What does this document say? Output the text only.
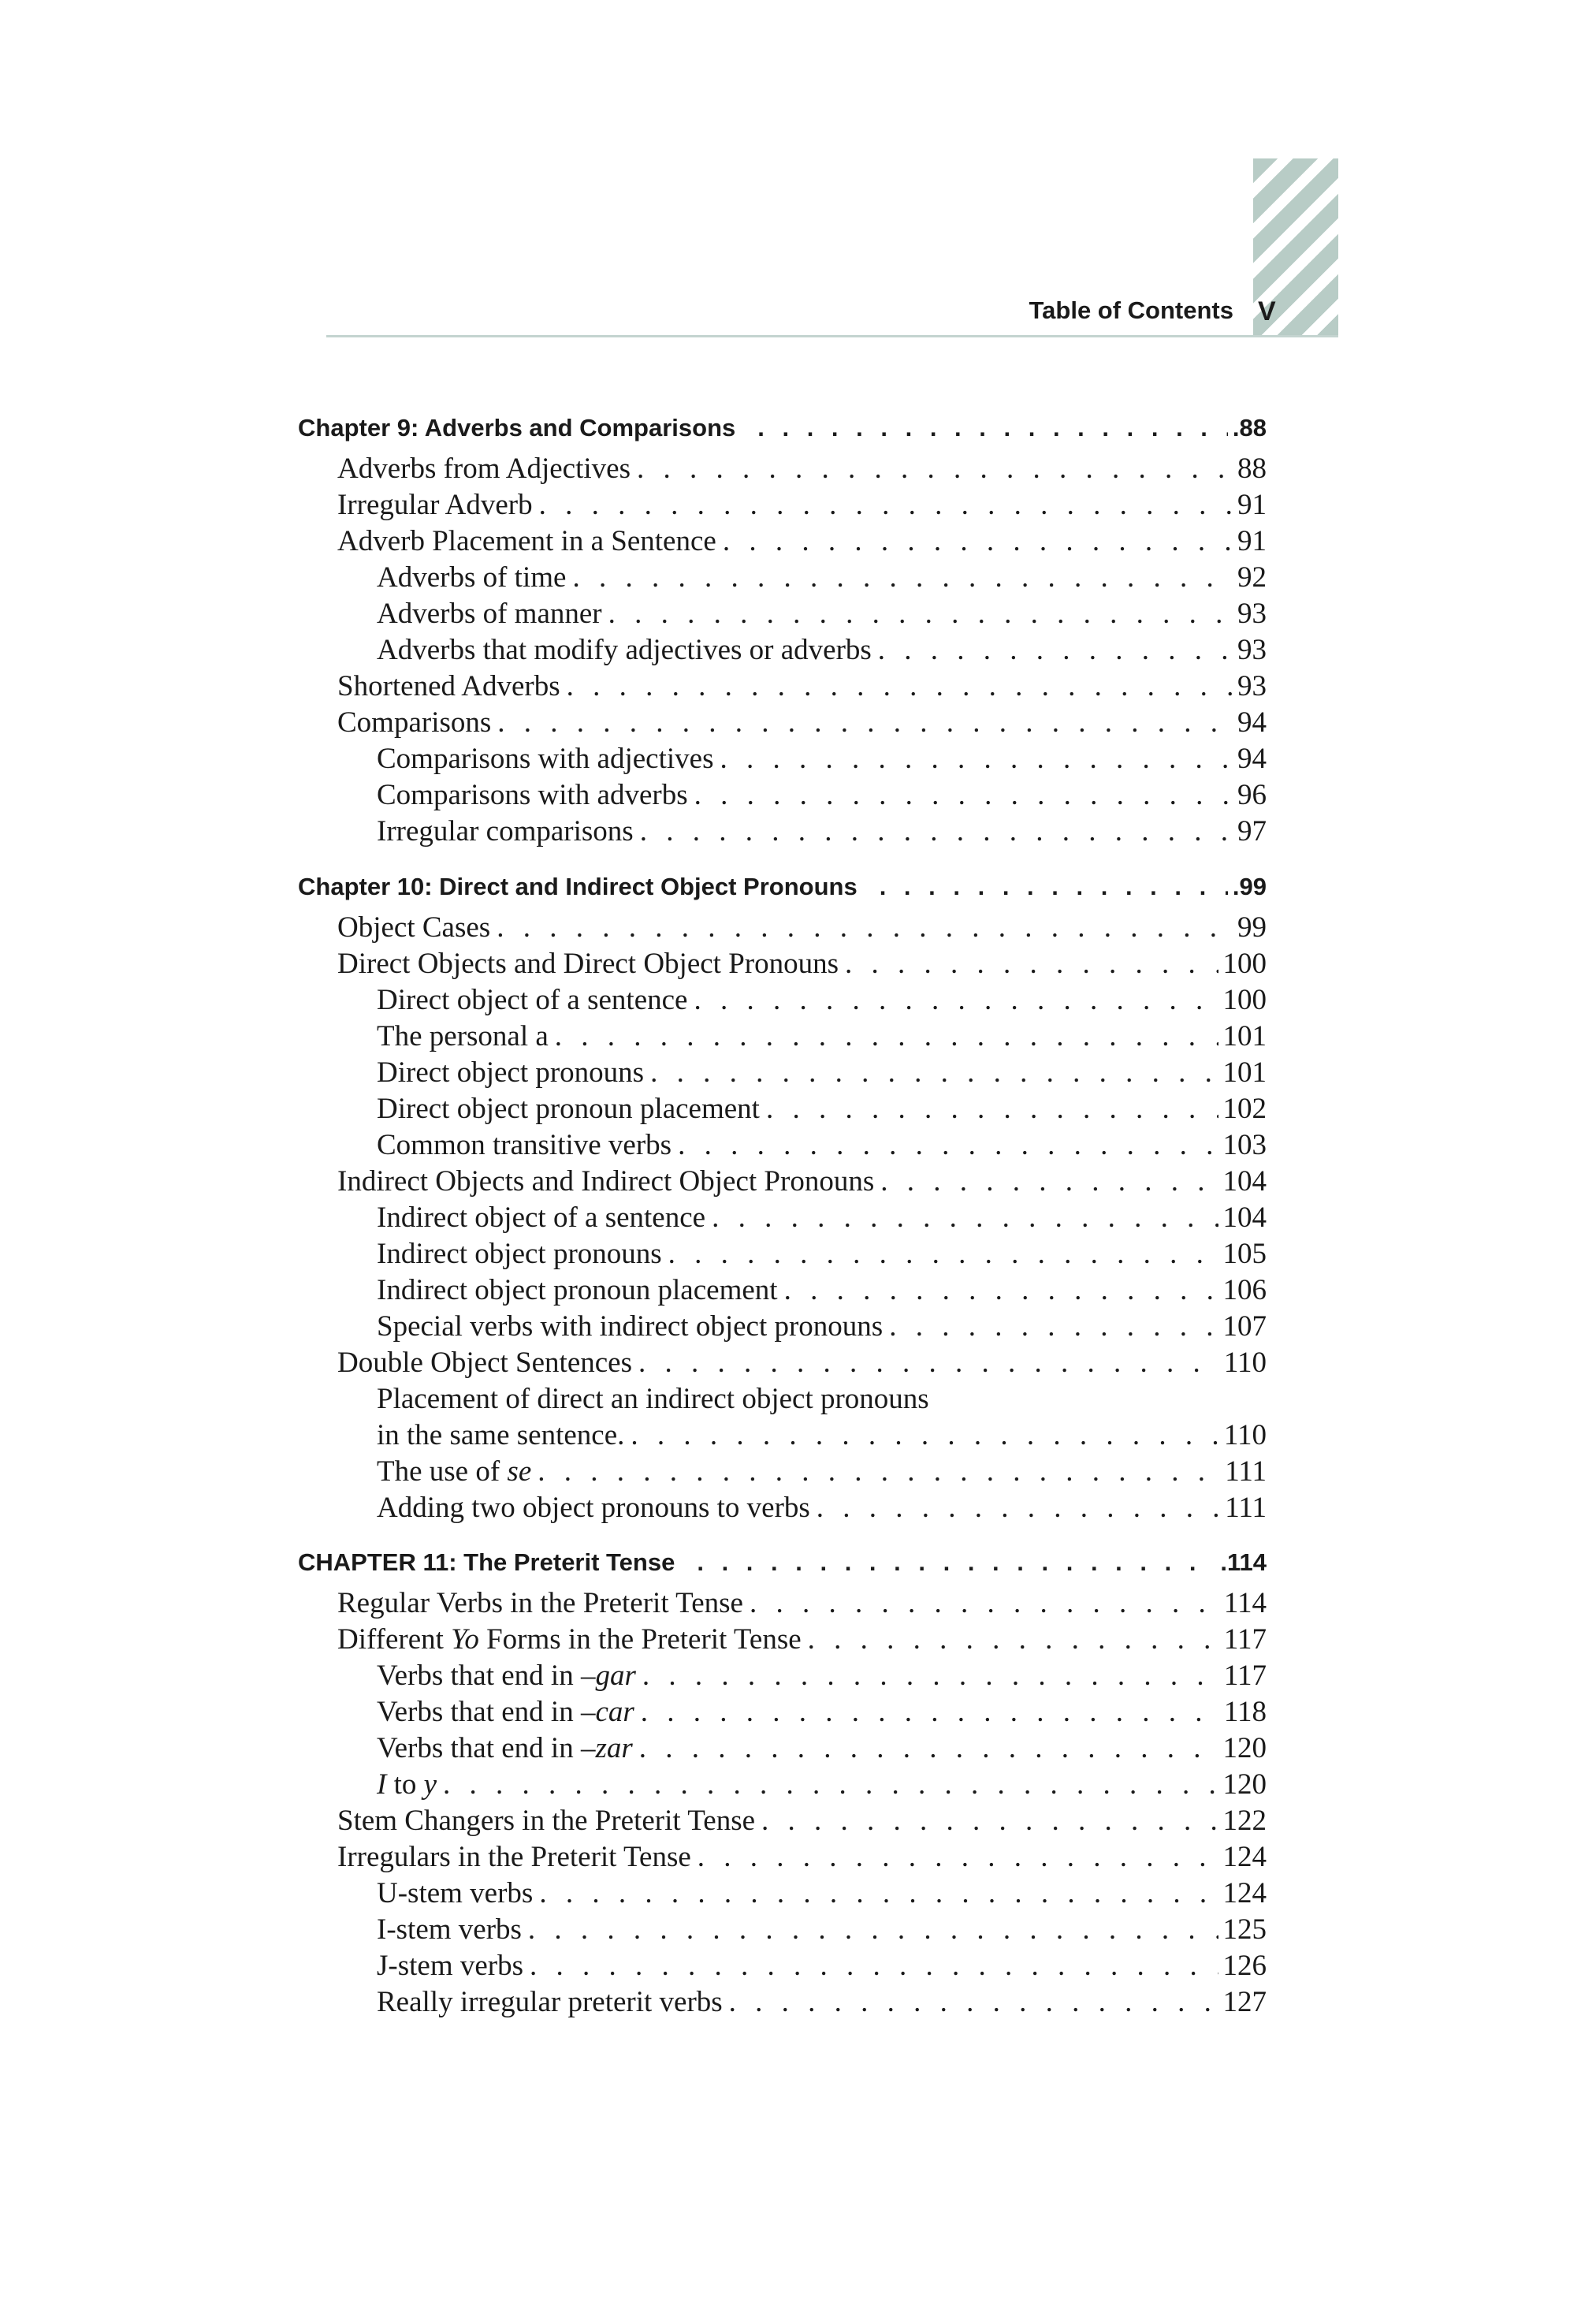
Table of Contents V
Chapter 9: Adverbs and Comparisons . . .	.88
Adverbs from Adjectives . . .	88
Irregular Adverb . . .	91
Adverb Placement in a Sentence . . .	91
Adverbs of time . . .	92
Adverbs of manner . . .	93
Adverbs that modify adjectives or adverbs . . .	93
Shortened Adverbs . . .	93
Comparisons . . .	94
Comparisons with adjectives . . .	94
Comparisons with adverbs . . .	96
Irregular comparisons . . .	97
Chapter 10: Direct and Indirect Object Pronouns . . .	.99
Object Cases . . .	99
Direct Objects and Direct Object Pronouns . . .	100
Direct object of a sentence . . .	100
The personal a . . .	101
Direct object pronouns . . .	101
Direct object pronoun placement . . .	102
Common transitive verbs . . .	103
Indirect Objects and Indirect Object Pronouns . . .	104
Indirect object of a sentence . . .	104
Indirect object pronouns . . .	105
Indirect object pronoun placement . . .	106
Special verbs with indirect object pronouns . . .	107
Double Object Sentences . . .	110
Placement of direct an indirect object pronouns
in the same sentence. . . .	110
The use of se . . .	111
Adding two object pronouns to verbs . . .	111
CHAPTER 11: The Preterit Tense . . .	.114
Regular Verbs in the Preterit Tense . . .	114
Different Yo Forms in the Preterit Tense . . .	117
Verbs that end in –gar . . .	117
Verbs that end in –car . . .	118
Verbs that end in –zar . . .	120
I to y . . .	120
Stem Changers in the Preterit Tense . . .	122
Irregulars in the Preterit Tense . . .	124
U-stem verbs . . .	124
I-stem verbs . . .	125
J-stem verbs . . .	126
Really irregular preterit verbs . . .	127
